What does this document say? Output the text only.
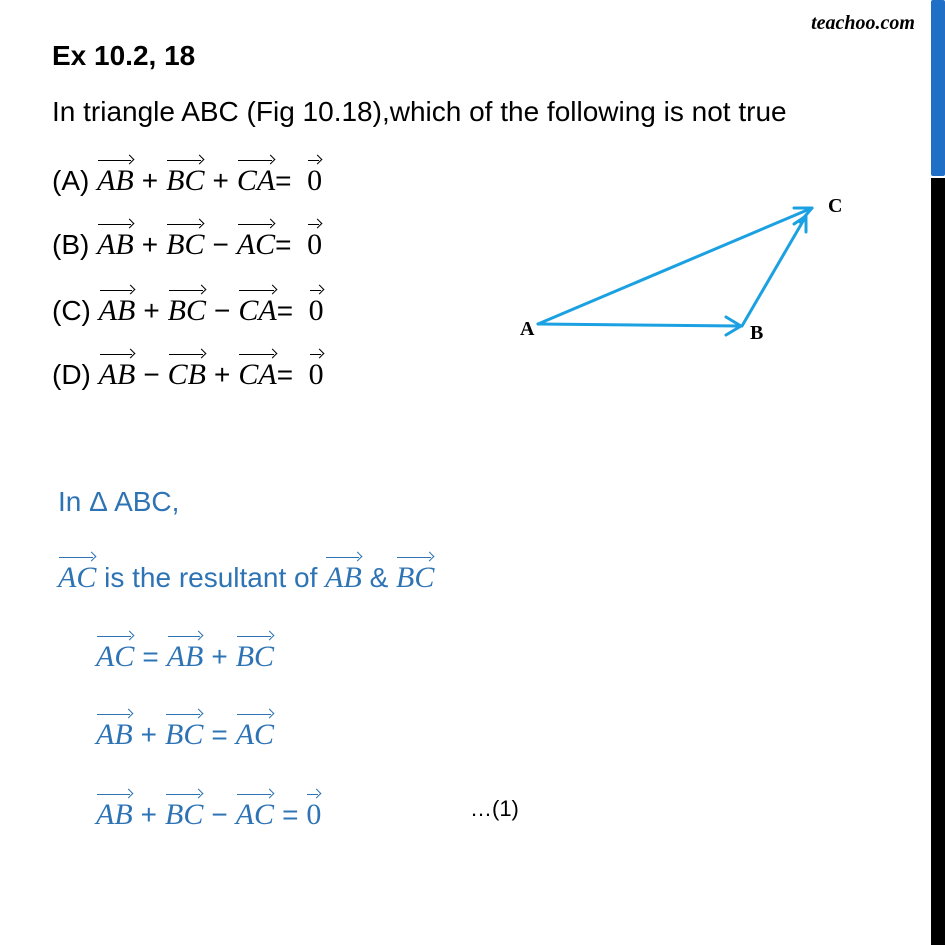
teachoo.com
Ex 10.2, 18
In triangle ABC (Fig 10.18),which of the following is not true
(A) AB + BC + CA= 0
(B) AB + BC − AC= 0
(C) AB + BC − CA= 0
(D) AB − CB + CA= 0
A	B
C
In Δ ABC,
AC is the resultant of AB & BC
AC = AB + BC
AB + BC = AC
AB + BC − AC = 0	…(1)
